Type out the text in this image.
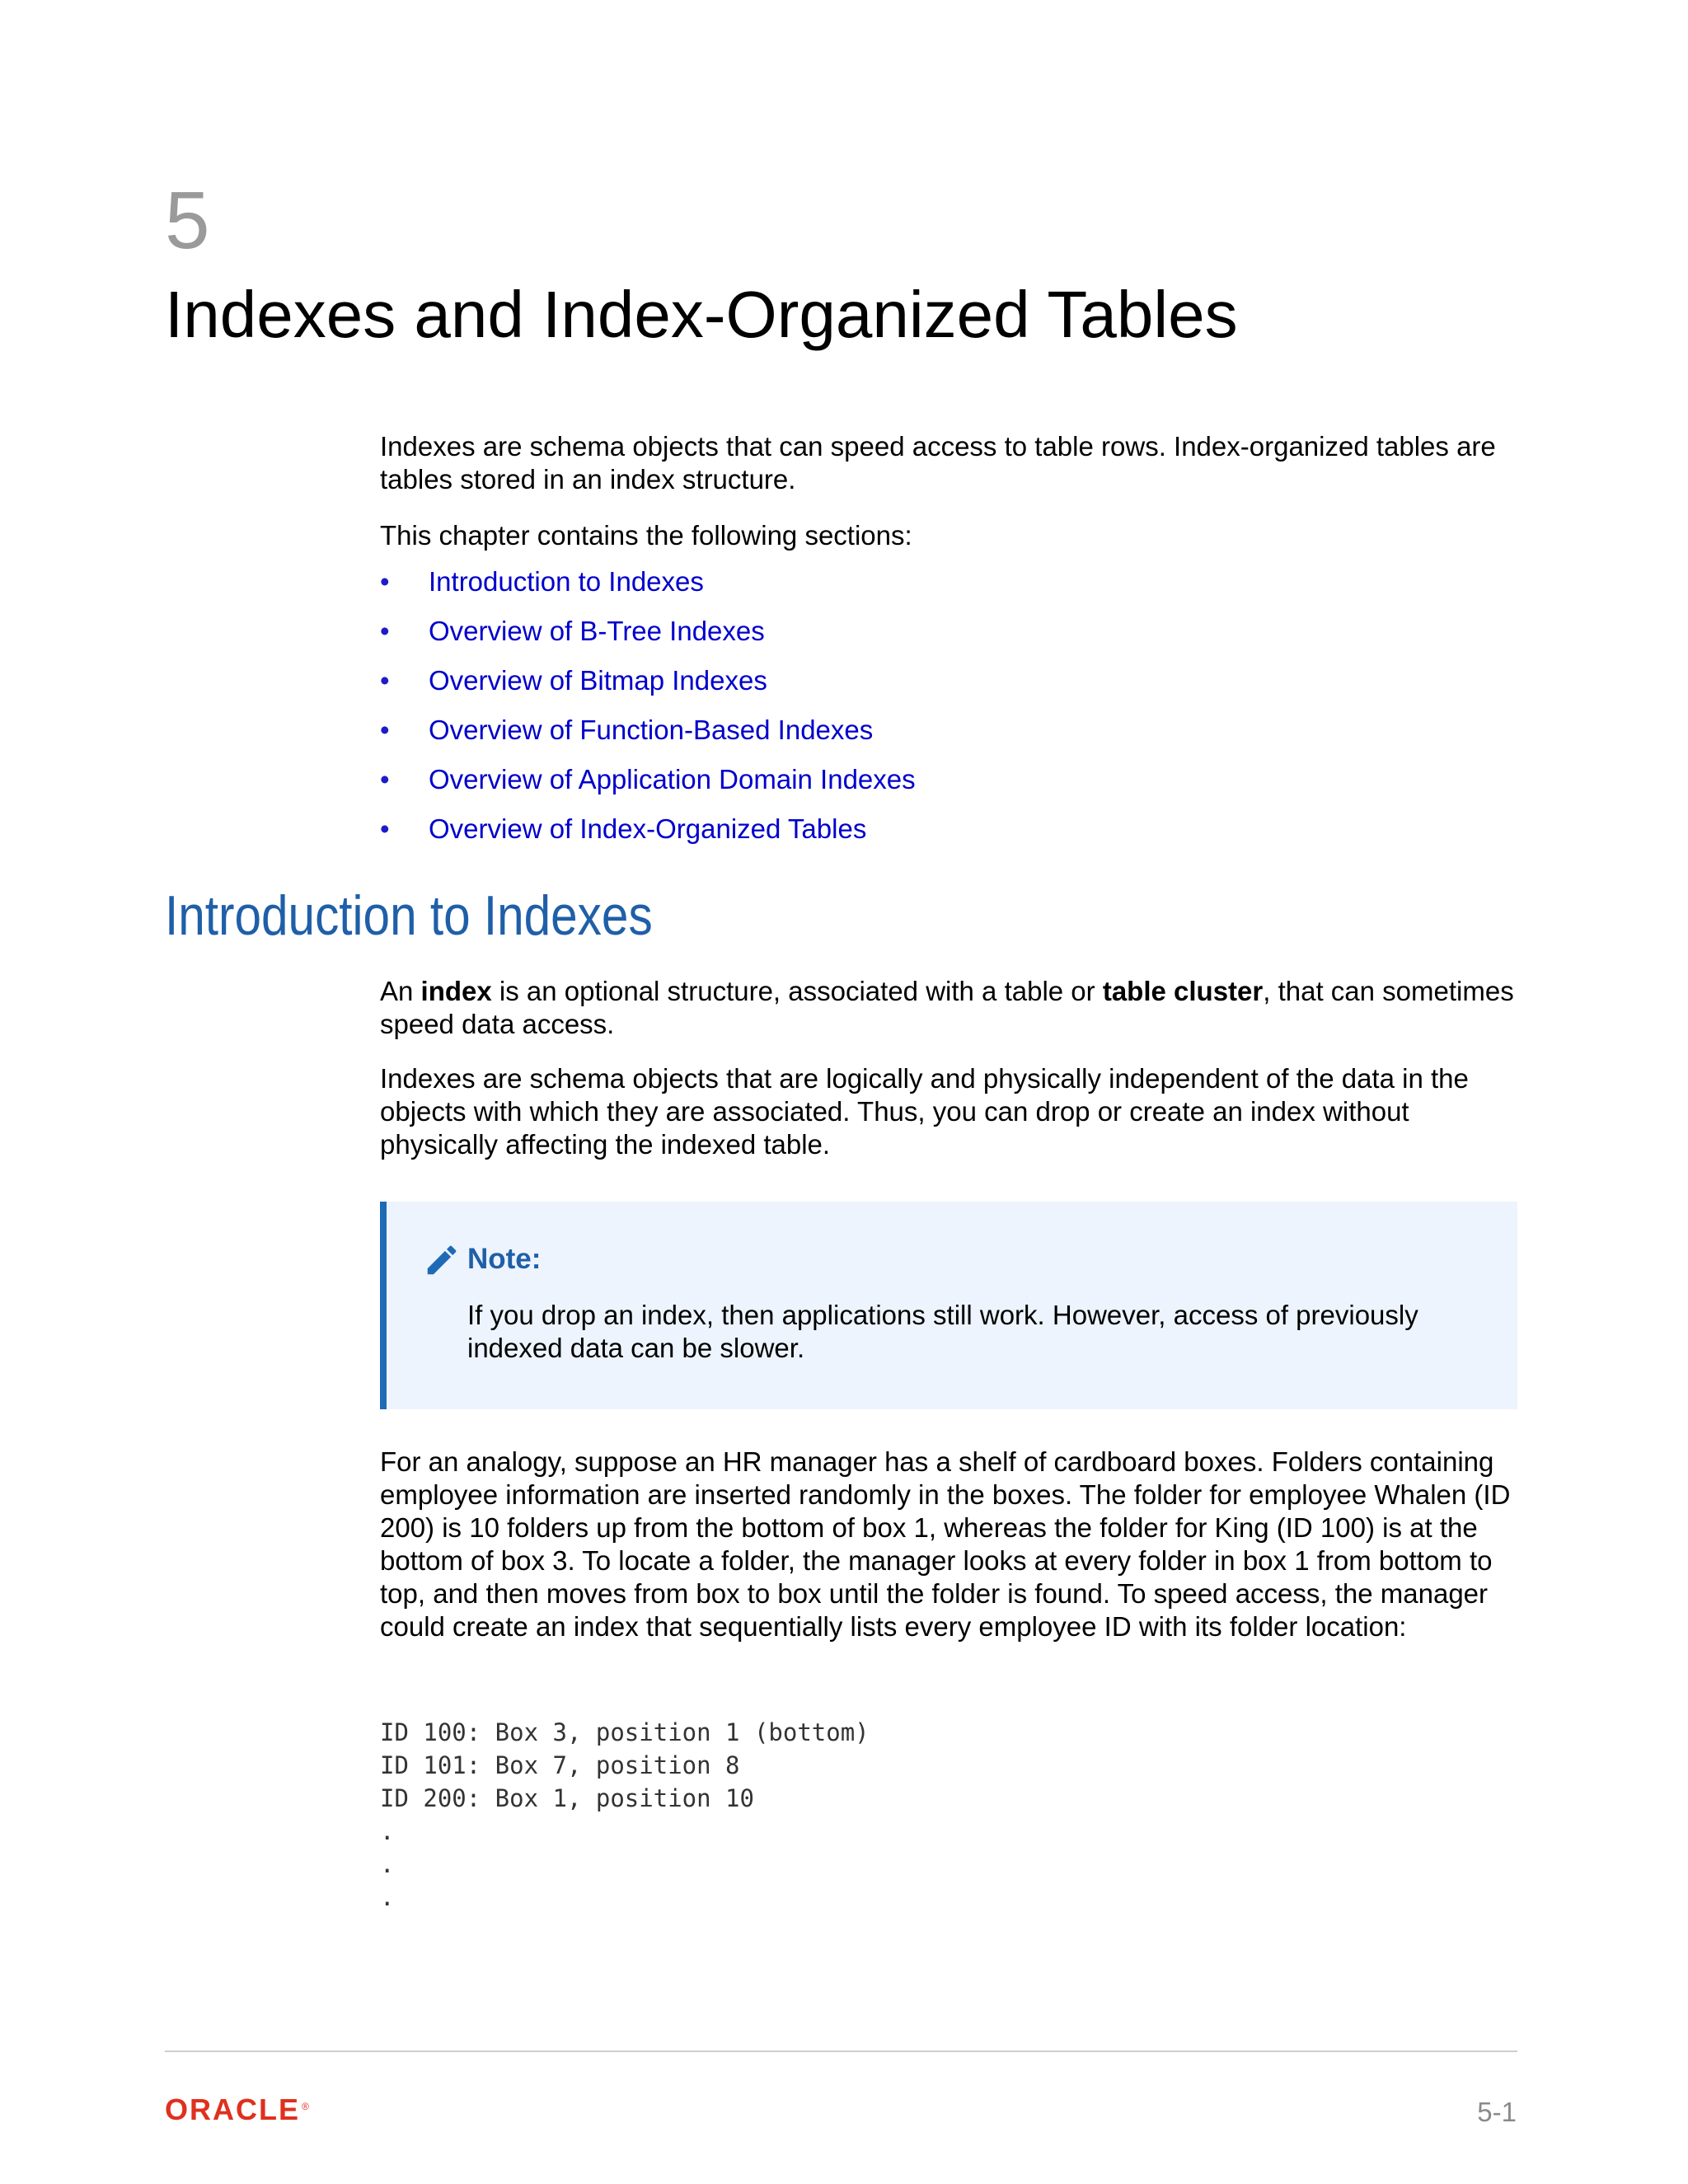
5
Indexes and Index-Organized Tables

Indexes are schema objects that can speed access to table rows. Index-organized tables are tables stored in an index structure.

This chapter contains the following sections:

• Introduction to Indexes
• Overview of B-Tree Indexes
• Overview of Bitmap Indexes
• Overview of Function-Based Indexes
• Overview of Application Domain Indexes
• Overview of Index-Organized Tables
Introduction to Indexes

An index is an optional structure, associated with a table or table cluster, that can sometimes speed data access.

Indexes are schema objects that are logically and physically independent of the data in the objects with which they are associated. Thus, you can drop or create an index without physically affecting the indexed table.

Note:

If you drop an index, then applications still work. However, access of previously indexed data can be slower.

For an analogy, suppose an HR manager has a shelf of cardboard boxes. Folders containing employee information are inserted randomly in the boxes. The folder for employee Whalen (ID 200) is 10 folders up from the bottom of box 1, whereas the folder for King (ID 100) is at the bottom of box 3. To locate a folder, the manager looks at every folder in box 1 from bottom to top, and then moves from box to box until the folder is found. To speed access, the manager could create an index that sequentially lists every employee ID with its folder location:

ID 100: Box 3, position 1 (bottom)
ID 101: Box 7, position 8
ID 200: Box 1, position 10
.
.
.
ORACLE ®	5-1
